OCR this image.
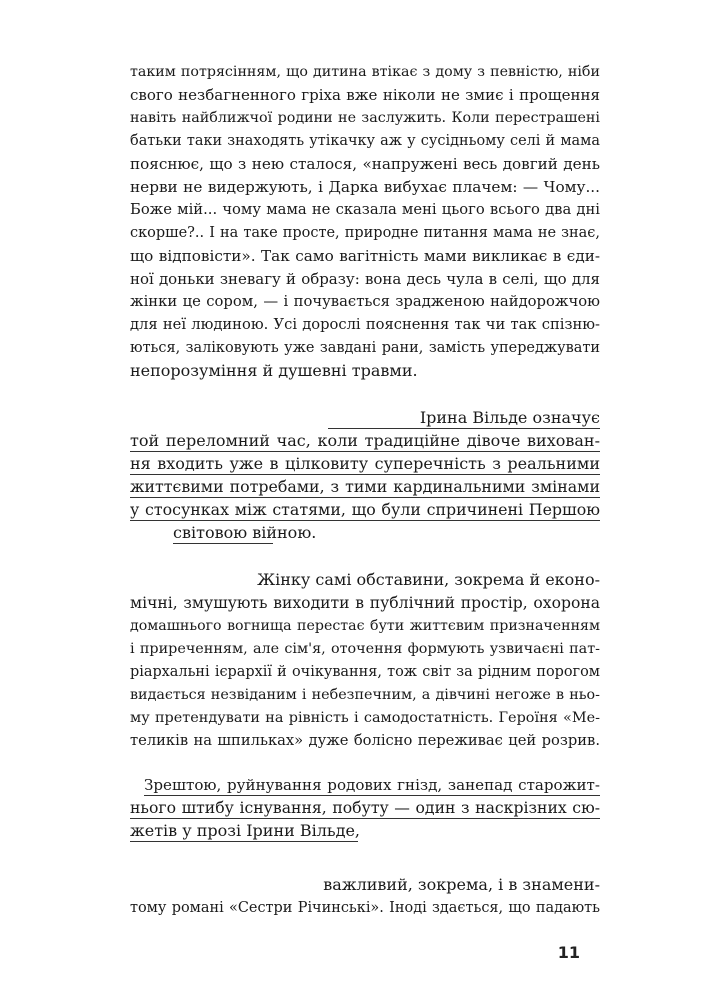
таким потрясінням, що дитина втікає з дому з певністю, ніби
свого незбагненного гріха вже ніколи не змиє і прощення
навіть найближчої родини не заслужить. Коли перестрашені
батьки таки знаходять утікачку аж у сусідньому селі й мама
пояснює, що з нею сталося, «напружені весь довгий день
нерви не видержують, і Дарка вибухає плачем: — Чому...
Боже мій... чому мама не сказала мені цього всього два дні
скорше?.. І на таке просте, природне питання мама не знає,
що відповісти». Так само вагітність мами викликає в єди-
ної доньки зневагу й образу: вона десь чула в селі, що для
жінки це сором, — і почувається зрадженою найдорожчою
для неї людиною. Усі дорослі пояснення так чи так спізню-
ються, заліковують уже завдані рани, замість упереджувати
непорозуміння й душевні травми.
Ірина Вільде означує
той переломний час, коли традиційне дівоче вихован-
ня входить уже в цілковиту суперечність з реальними
життєвими потребами, з тими кардинальними змінами
у стосунках між статями, що були спричинені Першою
світовою війною.
Жінку самі обставини, зокрема й еконо-
мічні, змушують виходити в публічний простір, охорона
домашнього вогнища перестає бути життєвим призначенням
і приреченням, але сім'я, оточення формують узвичаєні пат-
ріархальні ієрархії й очікування, тож світ за рідним порогом
видається незвіданим і небезпечним, а дівчині негоже в ньо-
му претендувати на рівність і самодостатність. Героїня «Ме-
теликів на шпильках» дуже болісно переживає цей розрив.
Зрештою, руйнування родових гнізд, занепад старожит-
нього штибу існування, побуту — один з наскрізних сю-
жетів у прозі Ірини Вільде,
важливий, зокрема, і в знамени-
тому романі «Сестри Річинські». Іноді здається, що падають
11
